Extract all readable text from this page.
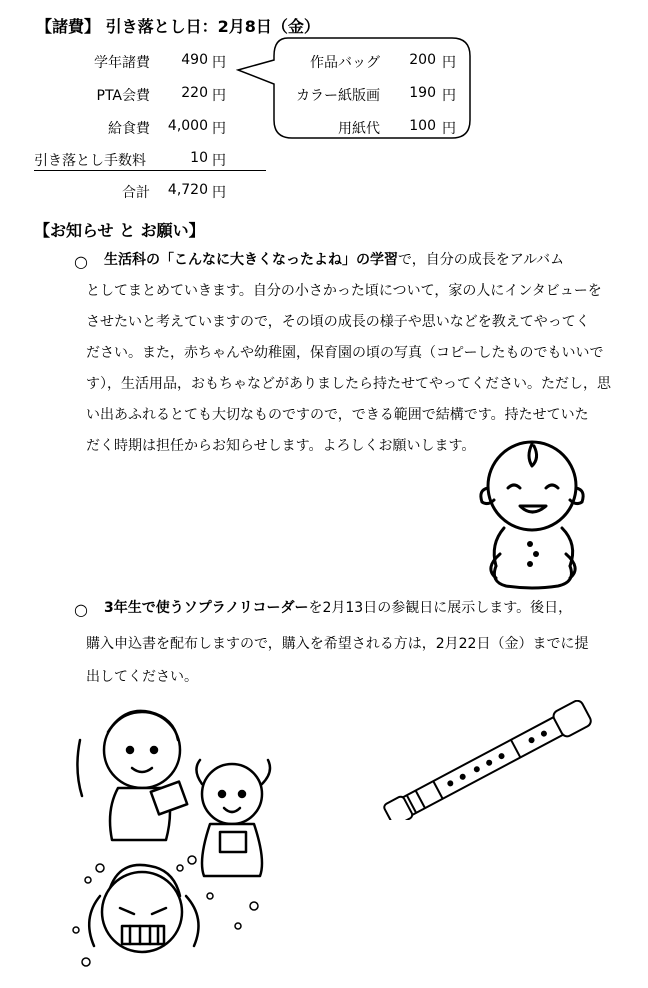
【諸費】 引き落とし日：2月8日（金）
学年諸費	490 円
PTA会費	220 円
給食費	4,000 円
引き落とし手数料	10 円
合計	4,720 円
作品バッグ	200 円
カラー紙版画	190 円
用紙代	100 円
【お知らせ と お願い】
○ 生活科の「こんなに大きくなったよね」の学習で，自分の成長をアルバム
としてまとめていきます。自分の小さかった頃について，家の人にインタビューを
させたいと考えていますので，その頃の成長の様子や思いなどを教えてやってく
ださい。また，赤ちゃんや幼稚園，保育園の頃の写真（コピーしたものでもいいで
す），生活用品，おもちゃなどがありましたら持たせてやってください。ただし，思
い出あふれるとても大切なものですので，できる範囲で結構です。持たせていた
だく時期は担任からお知らせします。よろしくお願いします。
○ 3年生で使うソプラノリコーダーを2月13日の参観日に展示します。後日，
購入申込書を配布しますので，購入を希望される方は，2月22日（金）までに提
出してください。
